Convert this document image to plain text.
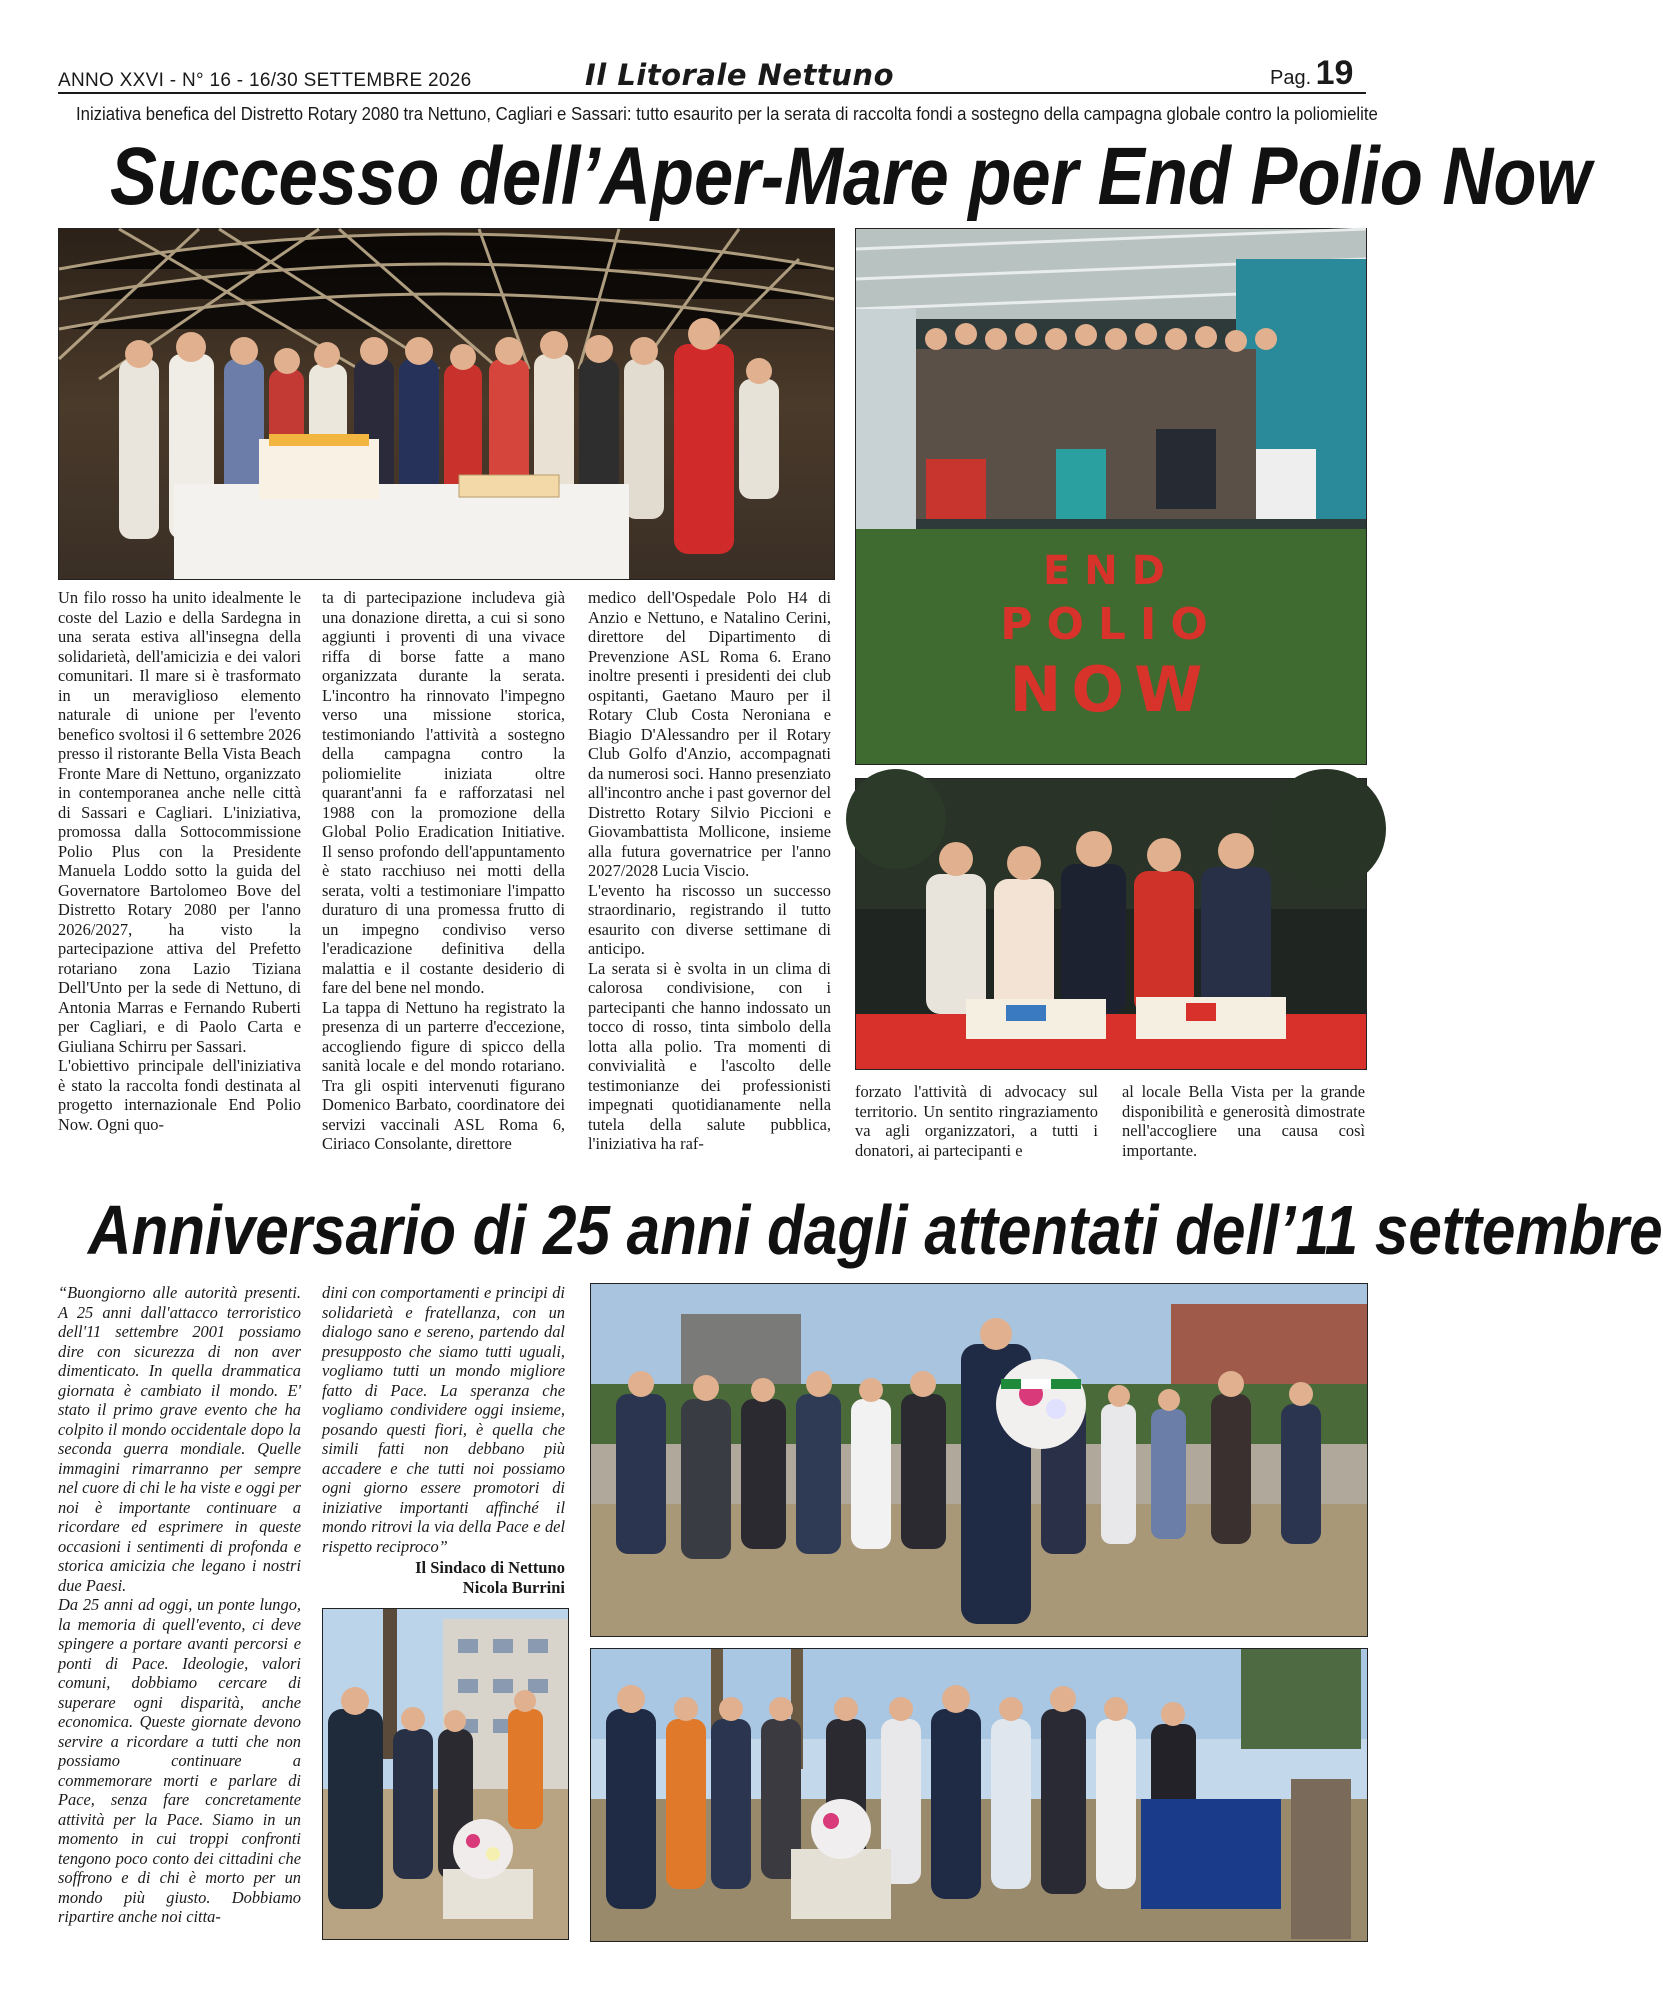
ANNO XXVI - N° 16 - 16/30 SETTEMBRE 2026	Il Litorale Nettuno	Pag. 19
Iniziativa benefica del Distretto Rotary 2080 tra Nettuno, Cagliari e Sassari: tutto esaurito per la serata di raccolta fondi a sostegno della campagna globale contro la poliomielite
Successo dell’Aper-Mare per End Polio Now
END
POLIO
NOW

Un filo rosso ha unito idealmente le coste del Lazio e della Sardegna in una serata estiva all'insegna della solidarietà, dell'amicizia e dei valori comunitari. Il mare si è trasformato in un meraviglioso elemento naturale di unione per l'evento benefico svoltosi il 6 settembre 2026 presso il ristorante Bella Vista Beach Fronte Mare di Nettuno, organizzato in contemporanea anche nelle città di Sassari e Cagliari. L'iniziativa, promossa dalla Sottocommissione Polio Plus con la Presidente Manuela Loddo sotto la guida del Governatore Bartolomeo Bove del Distretto Rotary 2080 per l'anno 2026/2027, ha visto la partecipazione attiva del Prefetto rotariano zona Lazio Tiziana Dell'Unto per la sede di Nettuno, di Antonia Marras e Fernando Ruberti per Cagliari, e di Paolo Carta e Giuliana Schirru per Sassari.

L'obiettivo principale dell'iniziativa è stato la raccolta fondi destinata al progetto internazionale End Polio Now. Ogni quo-

ta di partecipazione includeva già una donazione diretta, a cui si sono aggiunti i proventi di una vivace riffa di borse fatte a mano organizzata durante la serata. L'incontro ha rinnovato l'impegno verso una missione storica, testimoniando l'attività a sostegno della campagna contro la poliomielite iniziata oltre quarant'anni fa e rafforzatasi nel 1988 con la promozione della Global Polio Eradication Initiative. Il senso profondo dell'appuntamento è stato racchiuso nei motti della serata, volti a testimoniare l'impatto duraturo di una promessa frutto di un impegno condiviso verso l'eradicazione definitiva della malattia e il costante desiderio di fare del bene nel mondo.

La tappa di Nettuno ha registrato la presenza di un parterre d'eccezione, accogliendo figure di spicco della sanità locale e del mondo rotariano. Tra gli ospiti intervenuti figurano Domenico Barbato, coordinatore dei servizi vaccinali ASL Roma 6, Ciriaco Consolante, direttore

medico dell'Ospedale Polo H4 di Anzio e Nettuno, e Natalino Cerini, direttore del Dipartimento di Prevenzione ASL Roma 6. Erano inoltre presenti i presidenti dei club ospitanti, Gaetano Mauro per il Rotary Club Costa Neroniana e Biagio D'Alessandro per il Rotary Club Golfo d'Anzio, accompagnati da numerosi soci. Hanno presenziato all'incontro anche i past governor del Distretto Rotary Silvio Piccioni e Giovambattista Mollicone, insieme alla futura governatrice per l'anno 2027/2028 Lucia Viscio.

L'evento ha riscosso un successo straordinario, registrando il tutto esaurito con diverse settimane di anticipo.

La serata si è svolta in un clima di calorosa condivisione, con i partecipanti che hanno indossato un tocco di rosso, tinta simbolo della lotta alla polio. Tra momenti di convivialità e l'ascolto delle testimonianze dei professionisti impegnati quotidianamente nella tutela della salute pubblica, l'iniziativa ha raf-

forzato l'attività di advocacy sul territorio. Un sentito ringraziamento va agli organizzatori, a tutti i donatori, ai partecipanti e

al locale Bella Vista per la grande disponibilità e generosità dimostrate nell'accogliere una causa così importante.

Anniversario di 25 anni dagli attentati dell’11 settembre

“Buongiorno alle autorità presenti. A 25 anni dall'attacco terroristico dell'11 settembre 2001 possiamo dire con sicurezza di non aver dimenticato. In quella drammatica giornata è cambiato il mondo. E' stato il primo grave evento che ha colpito il mondo occidentale dopo la seconda guerra mondiale. Quelle immagini rimarranno per sempre nel cuore di chi le ha viste e oggi per noi è importante continuare a ricordare ed esprimere in queste occasioni i sentimenti di profonda e storica amicizia che legano i nostri due Paesi.

Da 25 anni ad oggi, un ponte lungo, la memoria di quell'evento, ci deve spingere a portare avanti percorsi e ponti di Pace. Ideologie, valori comuni, dobbiamo cercare di superare ogni disparità, anche economica. Queste giornate devono servire a ricordare a tutti che non possiamo continuare a commemorare morti e parlare di Pace, senza fare concretamente attività per la Pace. Siamo in un momento in cui troppi confronti tengono poco conto dei cittadini che soffrono e di chi è morto per un mondo più giusto. Dobbiamo ripartire anche noi citta-

dini con comportamenti e principi di solidarietà e fratellanza, con un dialogo sano e sereno, partendo dal presupposto che siamo tutti uguali, vogliamo tutti un mondo migliore fatto di Pace. La speranza che vogliamo condividere oggi insieme, posando questi fiori, è quella che simili fatti non debbano più accadere e che tutti noi possiamo ogni giorno essere promotori di iniziative importanti affinché il mondo ritrovi la via della Pace e del rispetto reciproco”

Il Sindaco di Nettuno
Nicola Burrini
